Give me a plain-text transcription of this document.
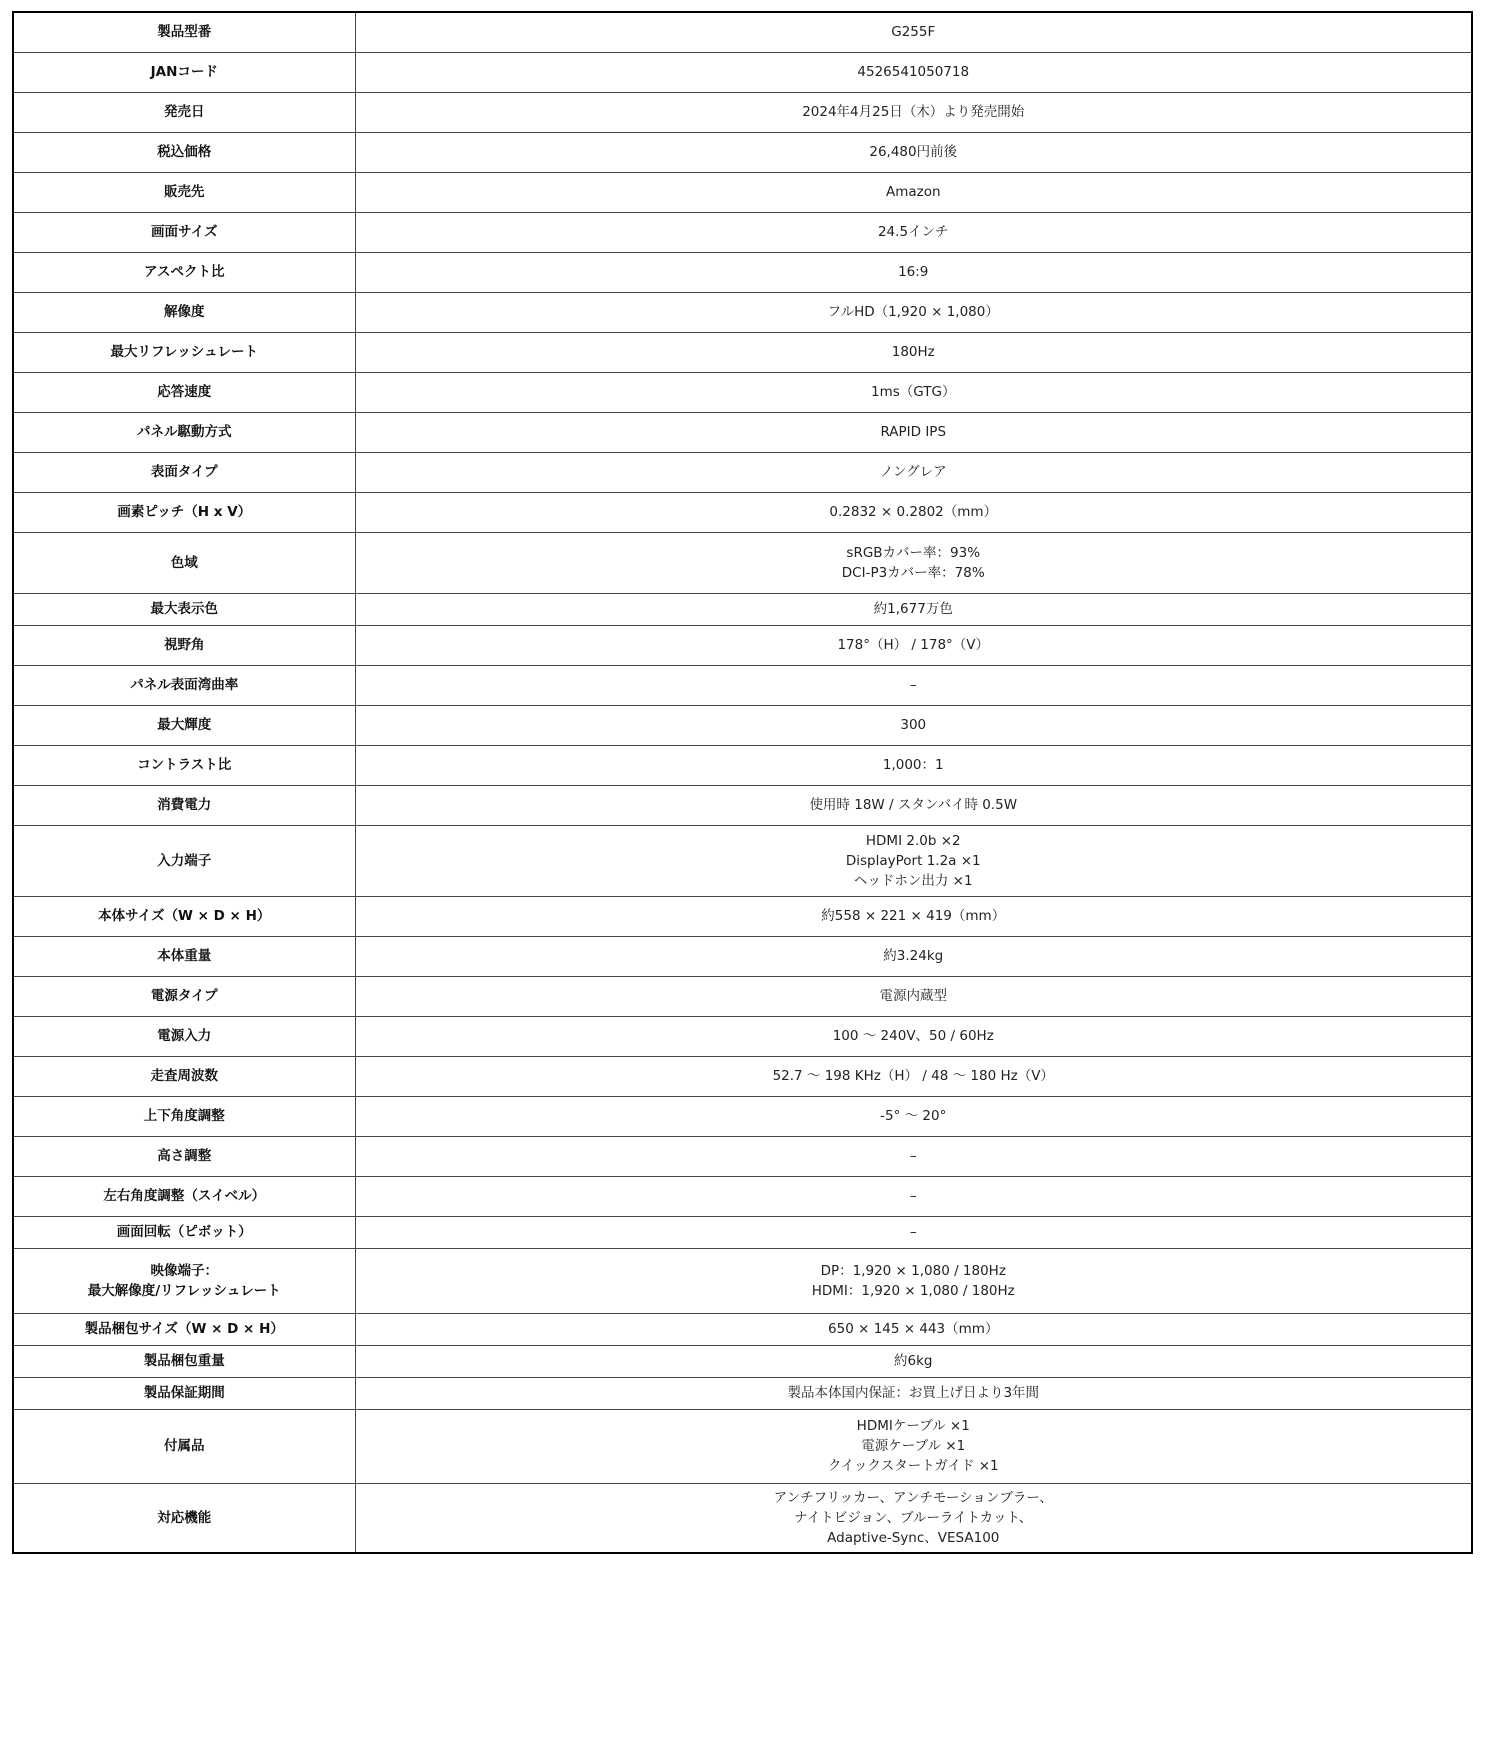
製品型番	G255F

JANコード	4526541050718

発売日	2024年4月25日（木）より発売開始

税込価格	26,480円前後

販売先	Amazon

画面サイズ	24.5インチ

アスペクト比	16:9

解像度	フルHD（1,920 × 1,080）

最大リフレッシュレート	180Hz

応答速度	1ms（GTG）

パネル駆動方式	RAPID IPS

表面タイプ	ノングレア

画素ピッチ（H x V）	0.2832 × 0.2802（mm）

色域	sRGBカバー率：93%
DCI-P3カバー率：78%

最大表示色	約1,677万色

視野角	178°（H） / 178°（V）

パネル表面湾曲率	–

最大輝度	300

コントラスト比	1,000：1

消費電力	使用時 18W / スタンバイ時 0.5W

入力端子	HDMI 2.0b ×2
DisplayPort 1.2a ×1
ヘッドホン出力 ×1

本体サイズ（W × D × H）	約558 × 221 × 419（mm）

本体重量	約3.24kg

電源タイプ	電源内蔵型

電源入力	100 ～ 240V、50 / 60Hz

走査周波数	52.7 ～ 198 KHz（H） / 48 ～ 180 Hz（V）

上下角度調整	-5° ～ 20°

高さ調整	–

左右角度調整（スイベル）	–

画面回転（ピボット）	–

映像端子：
最大解像度/リフレッシュレート	DP：1,920 × 1,080 / 180Hz
HDMI：1,920 × 1,080 / 180Hz

製品梱包サイズ（W × D × H）	650 × 145 × 443（mm）

製品梱包重量	約6kg

製品保証期間	製品本体国内保証：お買上げ日より3年間

付属品	HDMIケーブル ×1
電源ケーブル ×1
クイックスタートガイド ×1

対応機能	アンチフリッカー、アンチモーションブラー、
ナイトビジョン、ブルーライトカット、
Adaptive-Sync、VESA100
